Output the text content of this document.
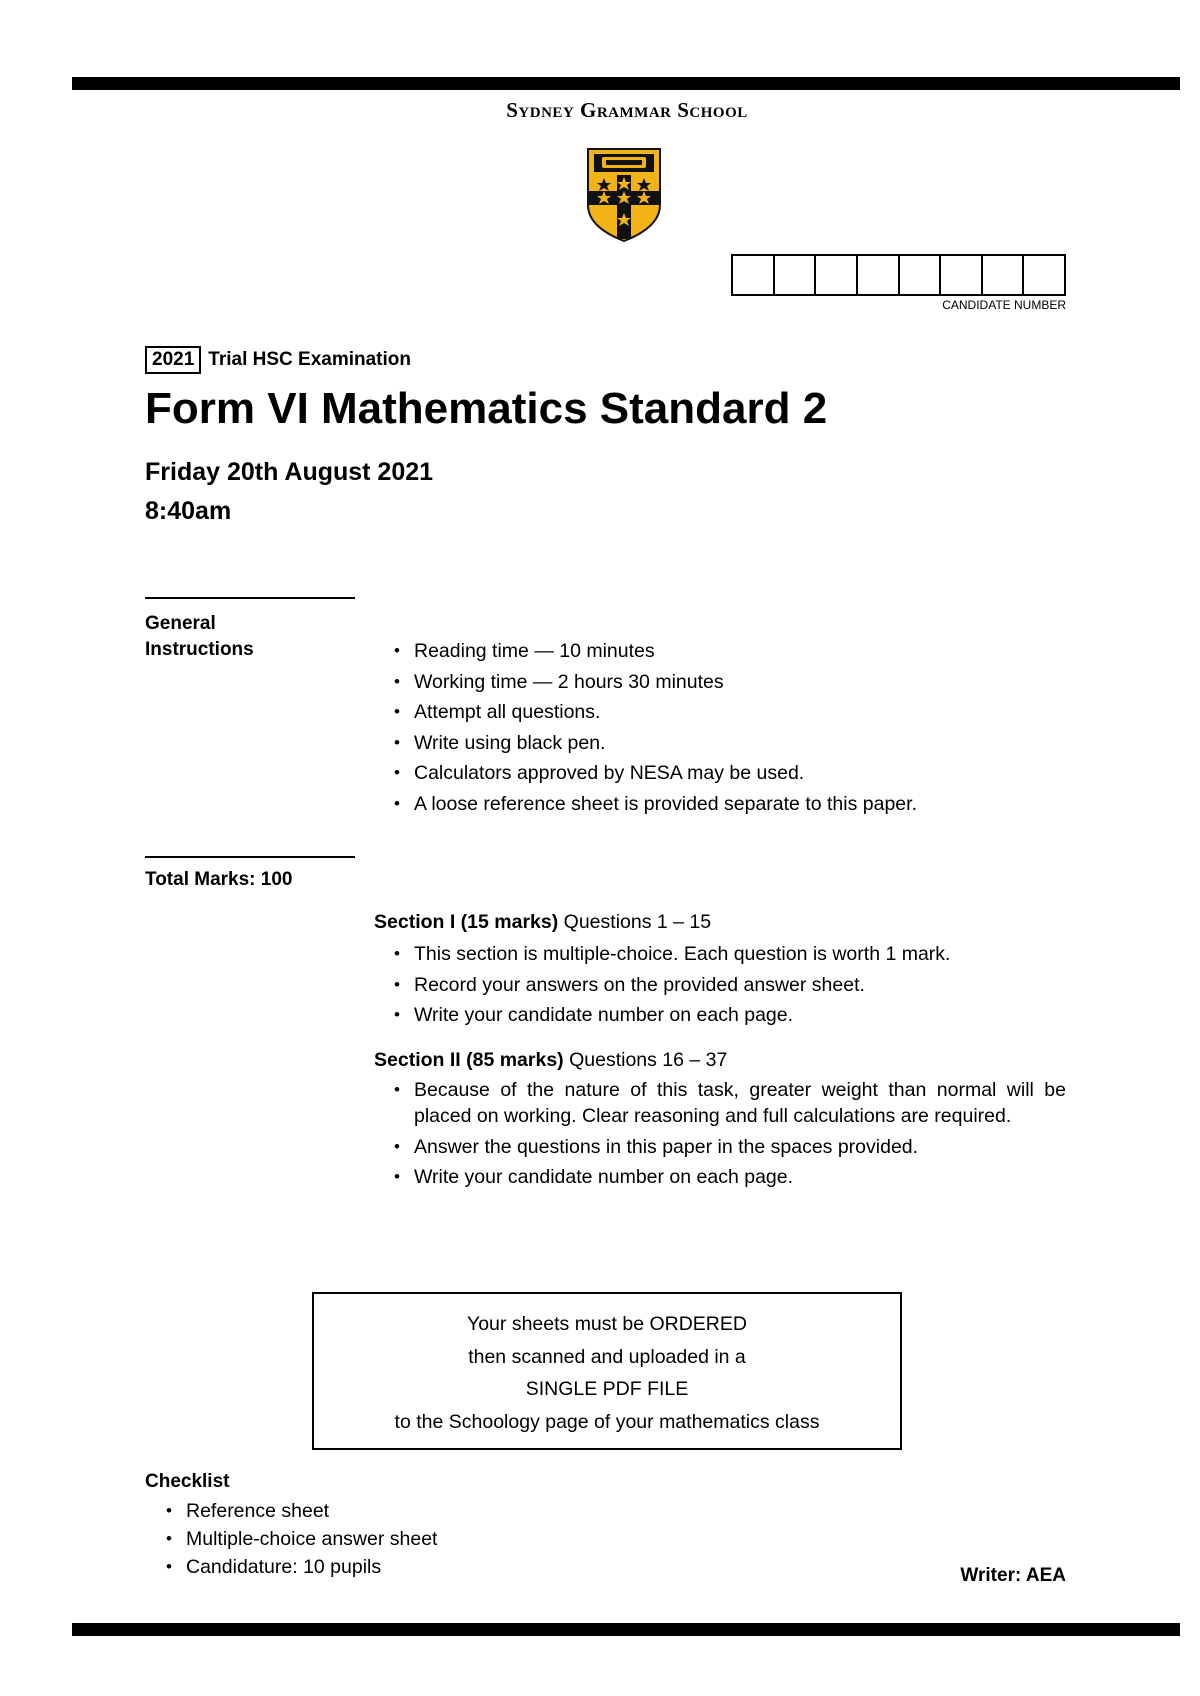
Sydney Grammar School
CANDIDATE NUMBER
2021 Trial HSC Examination
Form VI Mathematics Standard 2
Friday 20th August 2021
8:40am
General
Instructions
•	Reading time — 10 minutes
• Working time — 2 hours 30 minutes
• Attempt all questions.
• Write using black pen.
• Calculators approved by NESA may be used.
• A loose reference sheet is provided separate to this paper.
Total Marks: 100
Section I (15 marks) Questions 1 – 15
• This section is multiple-choice. Each question is worth 1 mark.
• Record your answers on the provided answer sheet.
• Write your candidate number on each page.
Section II (85 marks) Questions 16 – 37
• Because of the nature of this task, greater weight than normal will be placed on working. Clear reasoning and full calculations are required.
• Answer the questions in this paper in the spaces provided.
• Write your candidate number on each page.
Your sheets must be ORDERED
then scanned and uploaded in a
SINGLE PDF FILE
to the Schoology page of your mathematics class
Checklist
• Reference sheet
• Multiple-choice answer sheet
• Candidature: 10 pupils	Writer: AEA
